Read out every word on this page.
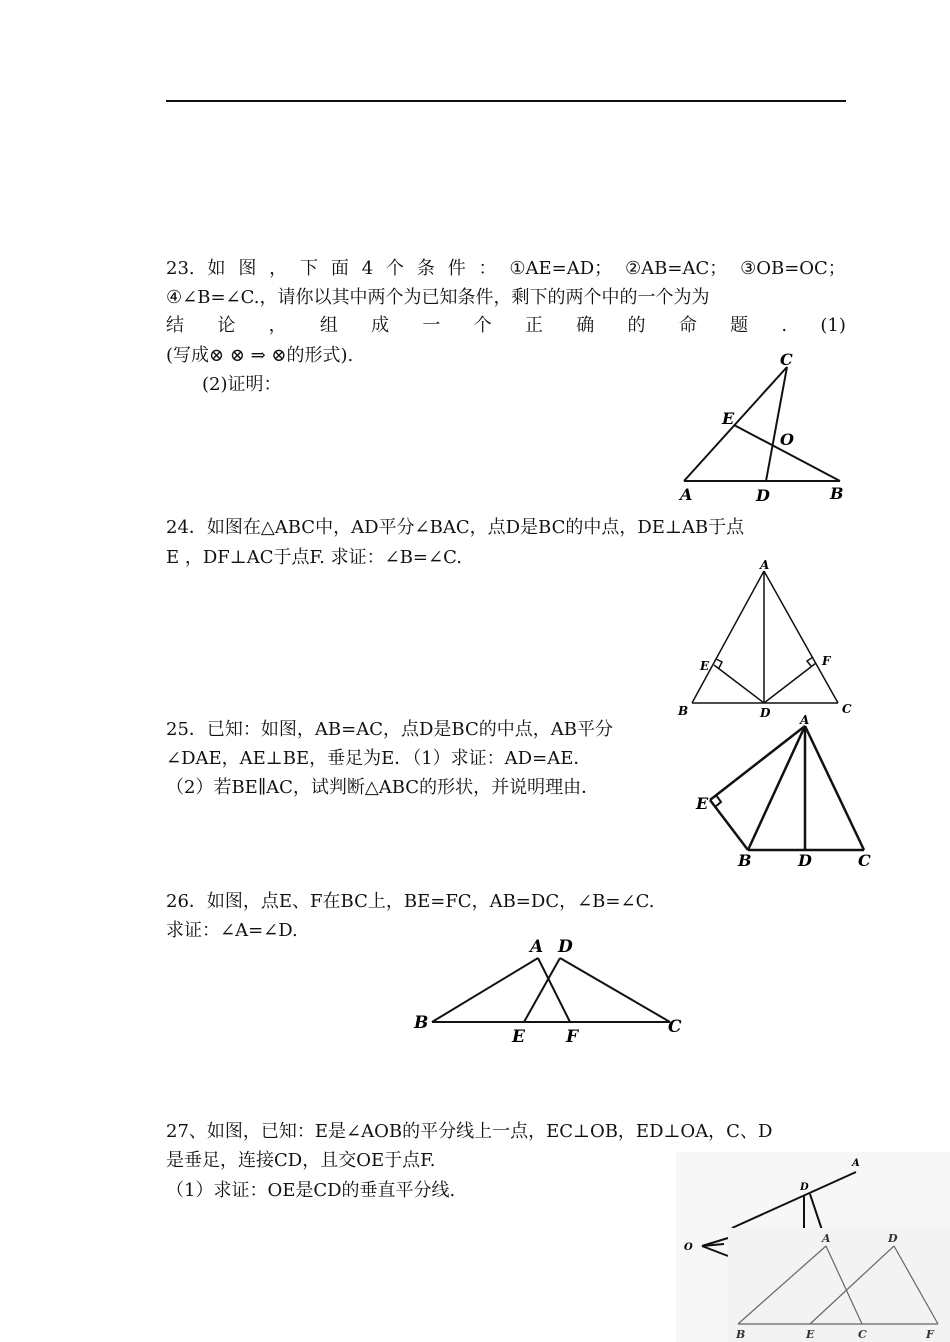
23. 如 图 ， 下 面 4 个 条 件 ： ①AE=AD； ②AB=AC； ③OB=OC；
④∠B=∠C.，请你以其中两个为已知条件，剩下的两个中的一个为为
结 论 ， 组 成 一 个 正 确 的 命 题 . (1)
(写成⊗ ⊗ ⇒ ⊗的形式).
(2)证明：
C
E
O
A	D	B
24．如图在△ABC中，AD平分∠BAC，点D是BC的中点，DE⊥AB于点
E ，DF⊥AC于点F. 求证：∠B=∠C.	A
E	F
B	D	C
25．已知：如图，AB=AC，点D是BC的中点，AB平分
∠DAE，AE⊥BE，垂足为E．（1）求证：AD=AE．
（2）若BE∥AC，试判断△ABC的形状，并说明理由．
A
E
B	D	C
26．如图，点E、F在BC上，BE=FC，AB=DC，∠B=∠C.
求证：∠A=∠D.
A D
B
E F	C
27、如图，已知：E是∠AOB的平分线上一点，EC⊥OB，ED⊥OA，C、D
是垂足，连接CD，且交OE于点F.
（1）求证：OE是CD的垂直平分线.
A
D
O
A	D
B	E	C	F
